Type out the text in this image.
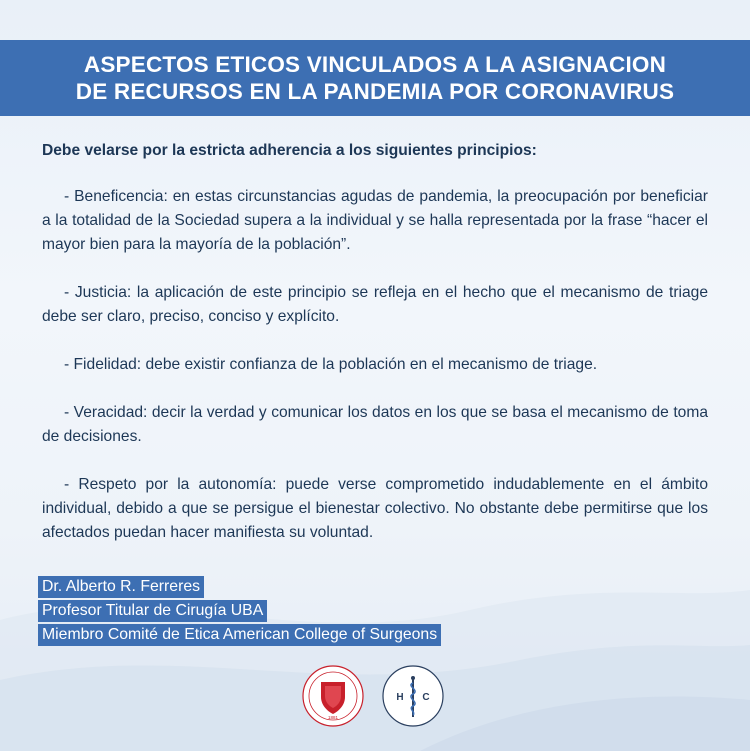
ASPECTOS ETICOS VINCULADOS A LA ASIGNACION
DE RECURSOS EN LA PANDEMIA POR CORONAVIRUS

Debe velarse por la estricta adherencia a los siguientes principios:

- Beneficencia: en estas circunstancias agudas de pandemia, la preocupación por beneficiar a la totalidad de la Sociedad supera a la individual y se halla representada por la frase “hacer el mayor bien para la mayoría de la población”.

- Justicia: la aplicación de este principio se refleja en el hecho que el mecanismo de triage debe ser claro, preciso, conciso y explícito.

- Fidelidad: debe existir confianza de la población en el mecanismo de triage.

- Veracidad: decir la verdad y comunicar los datos en los que se basa el mecanismo de toma de decisiones.

- Respeto por la autonomía: puede verse comprometido indudablemente en el ámbito individual, debido a que se persigue el bienestar colectivo. No obstante debe permitirse que los afectados puedan hacer manifiesta su voluntad.

Dr. Alberto R. Ferreres
Profesor Titular de Cirugía UBA
Miembro Comité de Etica American College of Surgeons
1881
H C
